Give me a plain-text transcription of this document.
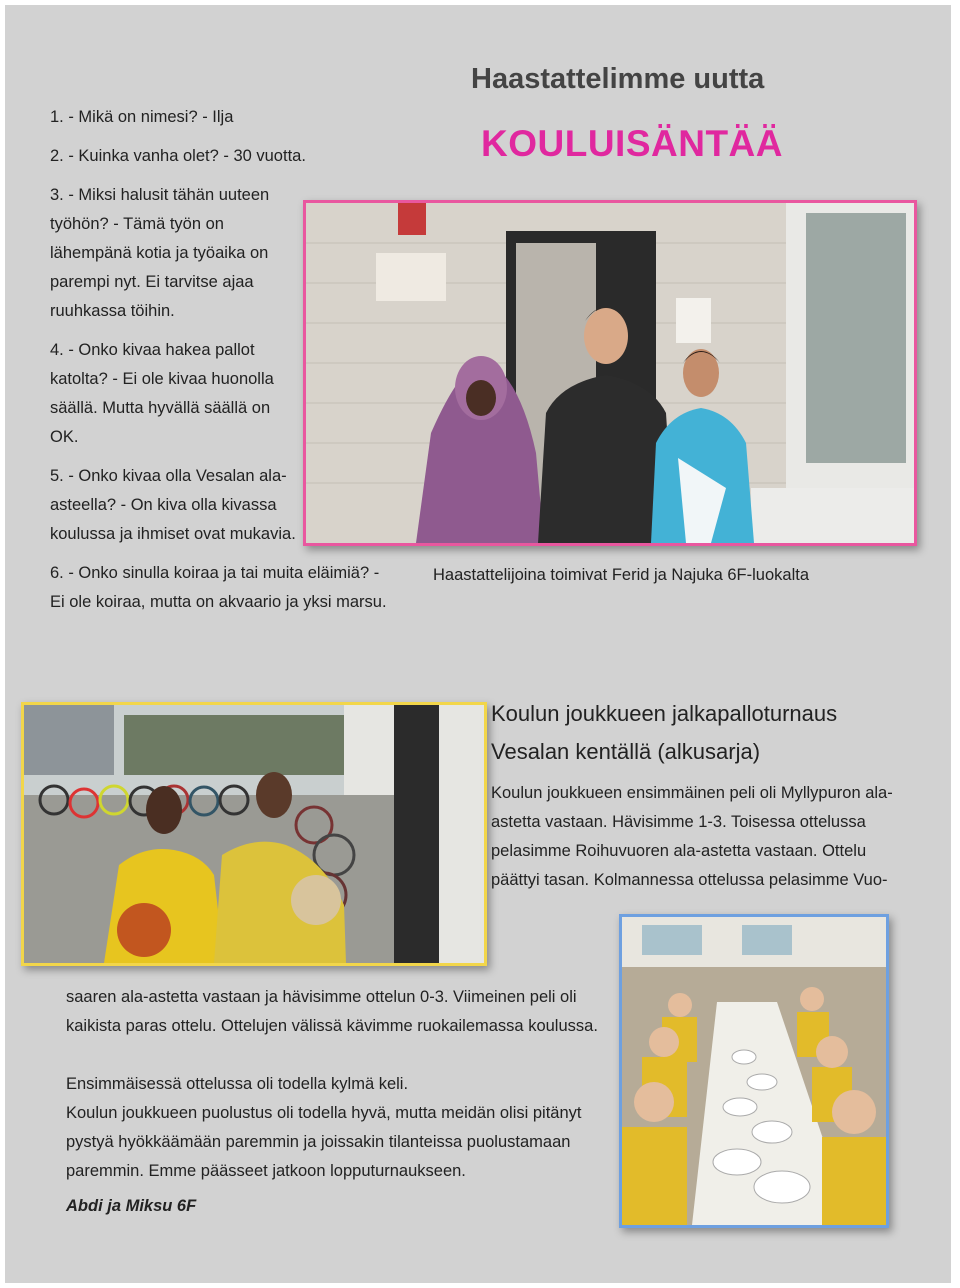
1. - Mikä on nimesi? - Ilja

2. - Kuinka vanha olet? - 30 vuotta.

3. - Miksi halusit tähän uuteen työhön? - Tämä työn on lähempänä kotia ja työaika on parempi nyt. Ei tarvitse ajaa ruuhkassa töihin.

4. - Onko kivaa hakea pallot katolta? - Ei ole kivaa huonolla säällä. Mutta hyvällä säällä on OK.

5. - Onko kivaa olla Vesalan ala-asteella? - On kiva olla kivassa koulussa ja ihmiset ovat mukavia.

6. - Onko sinulla koiraa ja tai muita eläimiä? - Ei ole koiraa, mutta on akvaario ja yksi marsu.

Haastattelimme uutta
KOULUISÄNTÄÄ
Haastattelijoina toimivat Ferid ja Najuka 6F-luokalta
Koulun joukkueen jalkapalloturnaus
Vesalan kentällä (alkusarja)
Koulun joukkueen ensimmäinen peli oli Myllypuron ala-astetta vastaan. Hävisimme 1-3. Toisessa ottelussa pelasimme Roihuvuoren ala-astetta vastaan. Ottelu päättyi tasan. Kolmannessa ottelussa pelasimme Vuo-
saaren ala-astetta vastaan ja hävisimme ottelun 0-3. Viimeinen peli oli kaikista paras ottelu. Ottelujen välissä kävimme ruokailemassa koulussa.
Ensimmäisessä ottelussa oli todella kylmä keli.
Koulun joukkueen puolustus oli todella hyvä, mutta meidän olisi pitänyt pystyä hyökkäämään paremmin ja joissakin tilanteissa puolustamaan paremmin. Emme päässeet jatkoon lopputurnaukseen.
Abdi ja Miksu 6F
